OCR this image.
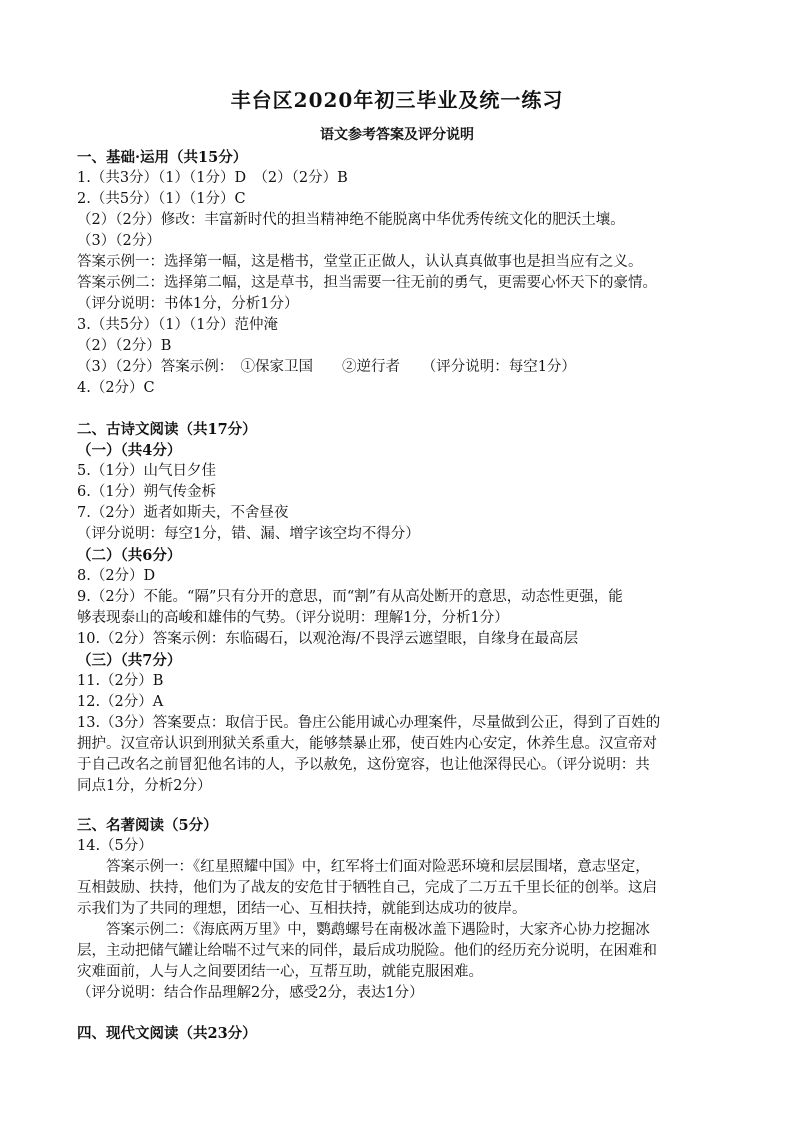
丰台区2020年初三毕业及统一练习
语文参考答案及评分说明
一、基础·运用（共15分）
1.（共3分）（1）（1分）D　（2）（2分）B
2.（共5分）（1）（1分）C
（2）（2分）修改：丰富新时代的担当精神绝不能脱离中华优秀传统文化的肥沃土壤。
（3）（2分）
答案示例一：选择第一幅，这是楷书，堂堂正正做人，认认真真做事也是担当应有之义。
答案示例二：选择第二幅，这是草书，担当需要一往无前的勇气，更需要心怀天下的豪情。
（评分说明：书体1分，分析1分）
3.（共5分）（1）（1分）范仲淹
（2）（2分）B
（3）（2分）答案示例：　①保家卫国　　②逆行者　　（评分说明：每空1分）
4.（2分）C
二、古诗文阅读（共17分）
（一）（共4分）
5.（1分）山气日夕佳
6.（1分）朔气传金柝
7.（2分）逝者如斯夫，不舍昼夜
（评分说明：每空1分，错、漏、增字该空均不得分）
（二）（共6分）
8.（2分）D
9.（2分）不能。“隔”只有分开的意思，而“割”有从高处断开的意思，动态性更强，能
够表现泰山的高峻和雄伟的气势。（评分说明：理解1分，分析1分）
10.（2分）答案示例：东临碣石，以观沧海/不畏浮云遮望眼，自缘身在最高层
（三）（共7分）
11.（2分）B
12.（2分）A
13.（3分）答案要点：取信于民。鲁庄公能用诚心办理案件，尽量做到公正，得到了百姓的
拥护。汉宣帝认识到刑狱关系重大，能够禁暴止邪，使百姓内心安定，休养生息。汉宣帝对
于自己改名之前冒犯他名讳的人，予以赦免，这份宽容，也让他深得民心。（评分说明：共
同点1分，分析2分）
三、名著阅读（5分）
14.（5分）
答案示例一：《红星照耀中国》中，红军将士们面对险恶环境和层层围堵，意志坚定，
互相鼓励、扶持，他们为了战友的安危甘于牺牲自己，完成了二万五千里长征的创举。这启
示我们为了共同的理想，团结一心、互相扶持，就能到达成功的彼岸。
答案示例二：《海底两万里》中，鹦鹉螺号在南极冰盖下遇险时，大家齐心协力挖掘冰
层，主动把储气罐让给喘不过气来的同伴，最后成功脱险。他们的经历充分说明，在困难和
灾难面前，人与人之间要团结一心，互帮互助，就能克服困难。
（评分说明：结合作品理解2分，感受2分，表达1分）
四、现代文阅读（共23分）
